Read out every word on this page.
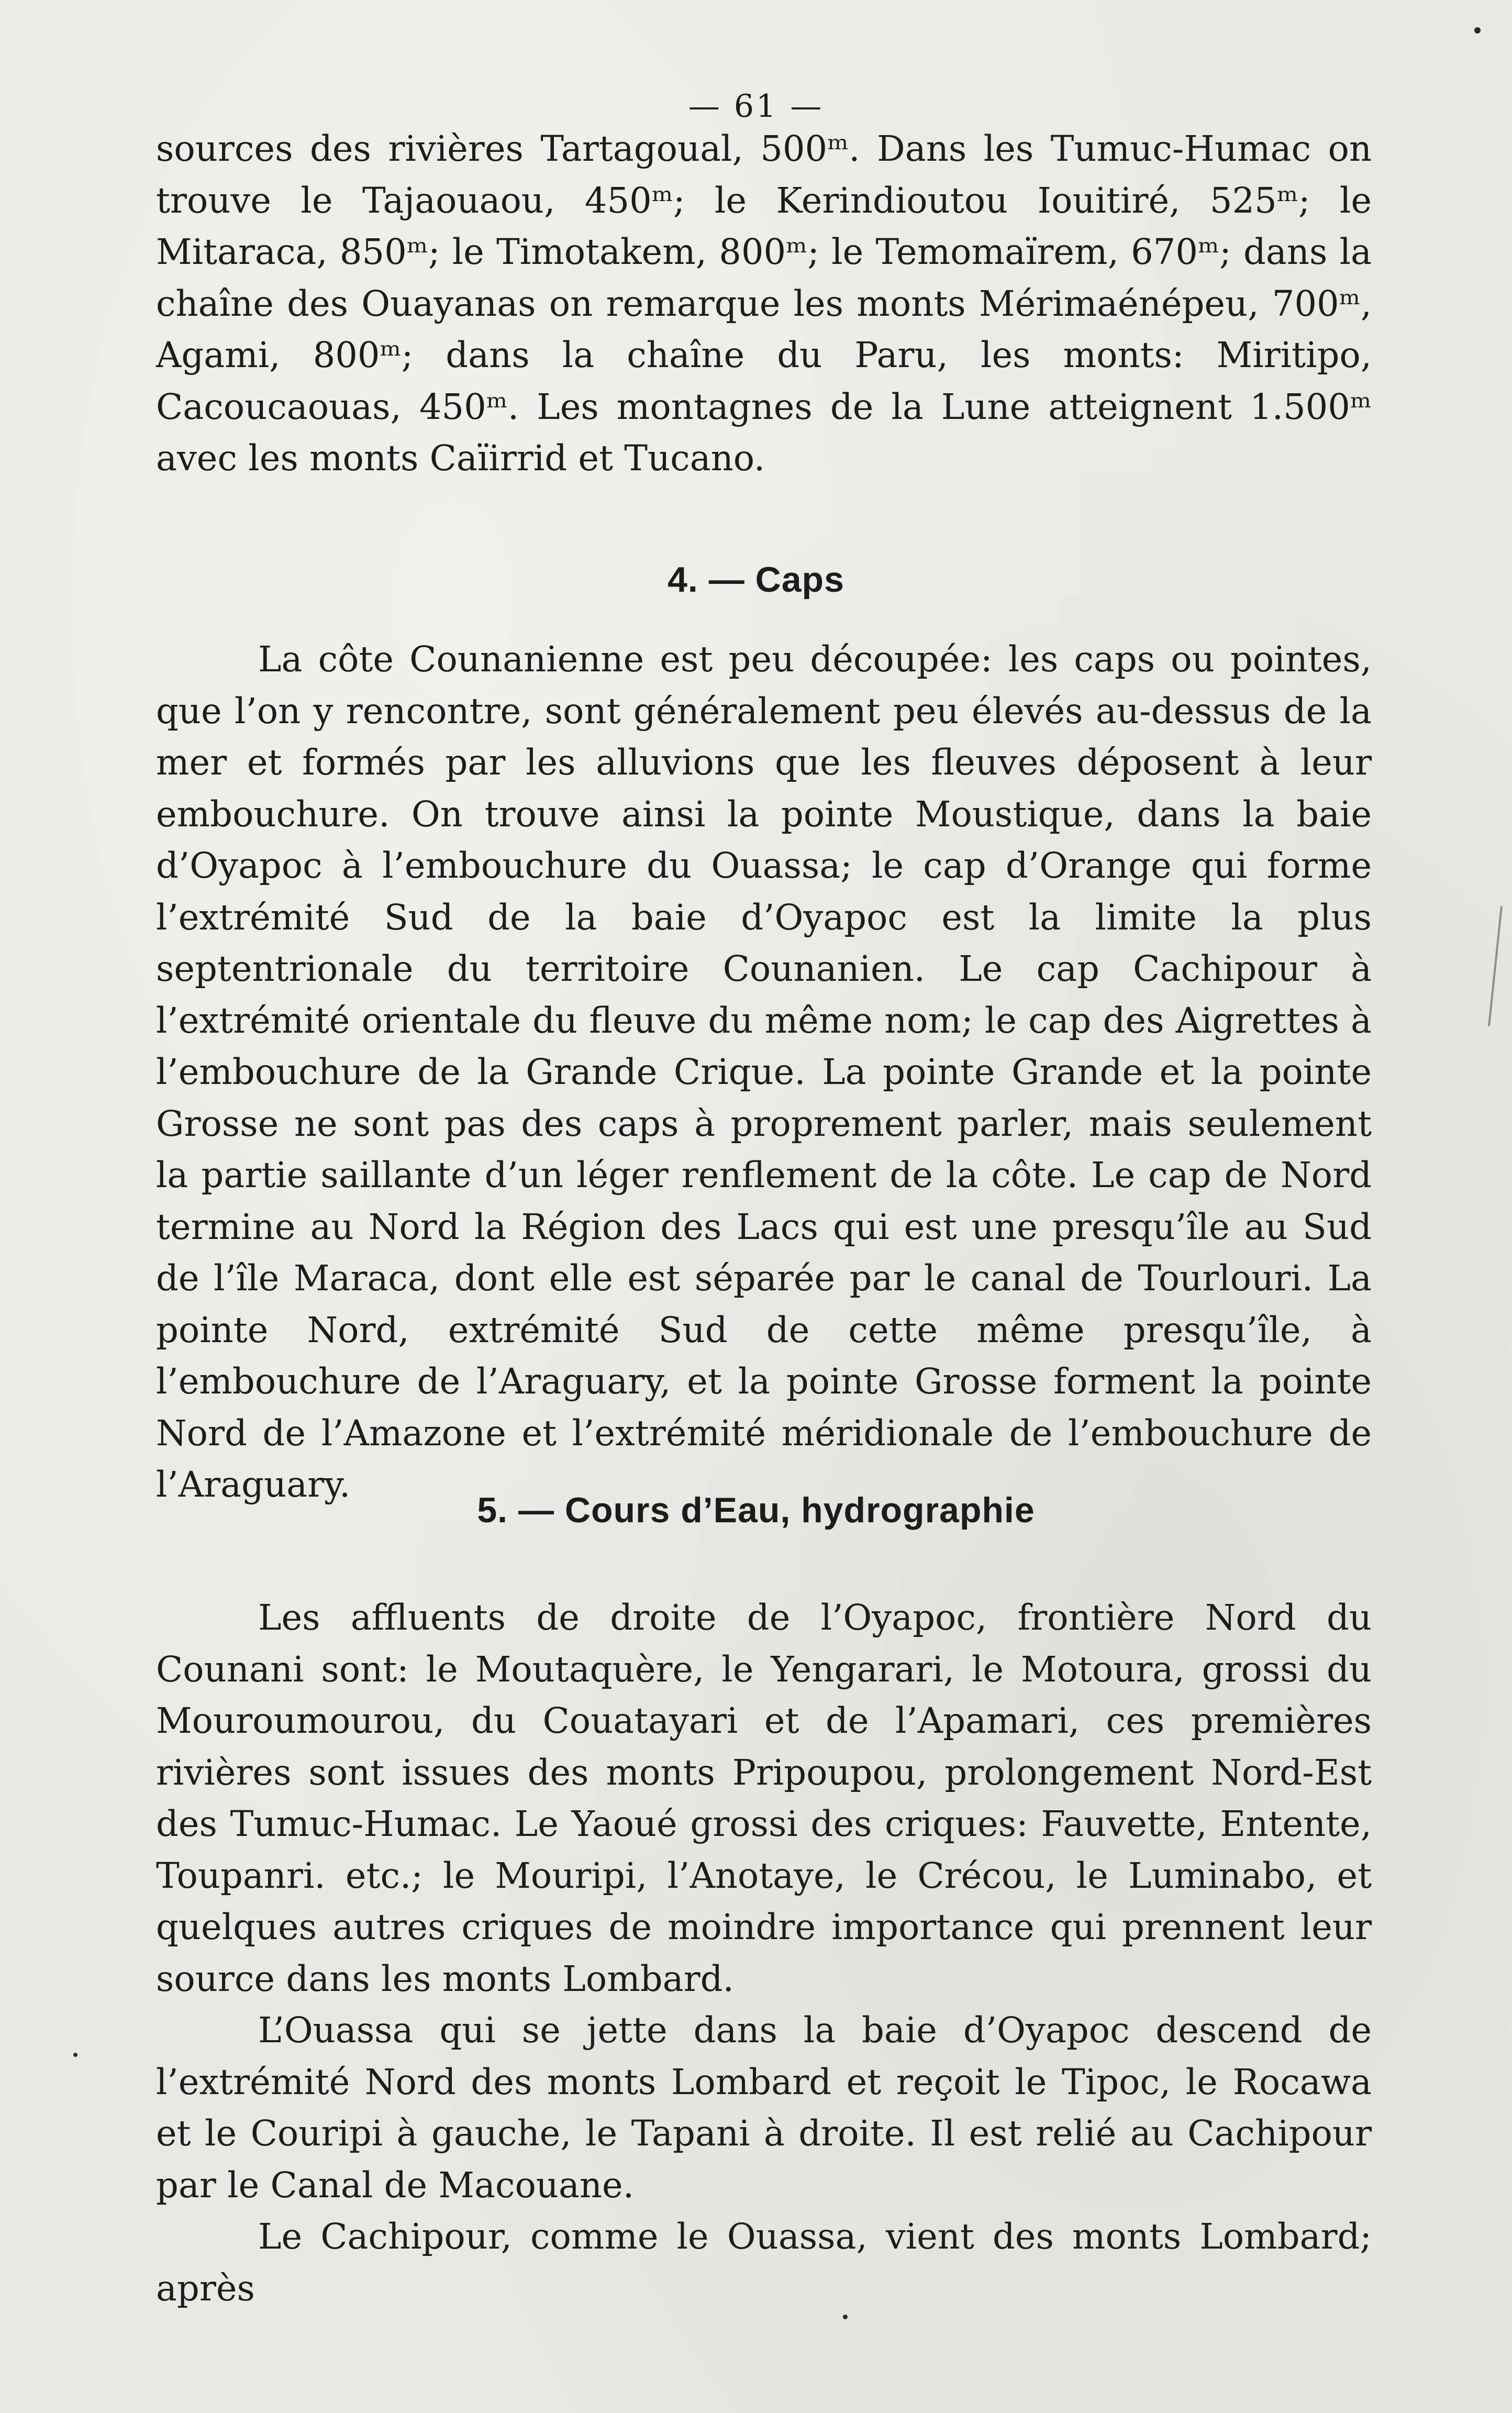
— 61 —

sources des rivières Tartagoual, 500ᵐ. Dans les Tumuc-Humac on trouve le Tajaouaou, 450ᵐ; le Kerindioutou Iouitiré, 525ᵐ; le Mitaraca, 850ᵐ; le Timotakem, 800ᵐ; le Temomaïrem, 670ᵐ; dans la chaîne des Ouayanas on remarque les monts Mérimaénépeu, 700ᵐ, Agami, 800ᵐ; dans la chaîne du Paru, les monts: Miritipo, Cacoucaouas, 450ᵐ. Les montagnes de la Lune atteignent 1.500ᵐ avec les monts Caïirrid et Tucano.

4. — Caps

La côte Counanienne est peu découpée: les caps ou pointes, que l’on y rencontre, sont généralement peu élevés au-dessus de la mer et formés par les alluvions que les fleuves déposent à leur embouchure. On trouve ainsi la pointe Moustique, dans la baie d’Oyapoc à l’embouchure du Ouassa; le cap d’Orange qui forme l’extrémité Sud de la baie d’Oyapoc est la limite la plus septentrionale du territoire Counanien. Le cap Cachipour à l’extrémité orientale du fleuve du même nom; le cap des Aigrettes à l’embouchure de la Grande Crique. La pointe Grande et la pointe Grosse ne sont pas des caps à proprement parler, mais seulement la partie saillante d’un léger renflement de la côte. Le cap de Nord termine au Nord la Région des Lacs qui est une presqu’île au Sud de l’île Maraca, dont elle est séparée par le canal de Tourlouri. La pointe Nord, extrémité Sud de cette même presqu’île, à l’embouchure de l’Araguary, et la pointe Grosse forment la pointe Nord de l’Amazone et l’extrémité méridionale de l’embouchure de l’Araguary.

5. — Cours d’Eau, hydrographie

Les affluents de droite de l’Oyapoc, frontière Nord du Counani sont: le Moutaquère, le Yengarari, le Motoura, grossi du Mouroumourou, du Couatayari et de l’Apamari, ces premières rivières sont issues des monts Pripoupou, prolongement Nord-Est des Tumuc-Humac. Le Yaoué grossi des criques: Fauvette, Entente, Toupanri. etc.; le Mouripi, l’Anotaye, le Crécou, le Luminabo, et quelques autres criques de moindre importance qui prennent leur source dans les monts Lombard.

L’Ouassa qui se jette dans la baie d’Oyapoc descend de l’extrémité Nord des monts Lombard et reçoit le Tipoc, le Rocawa et le Couripi à gauche, le Tapani à droite. Il est relié au Cachipour par le Canal de Macouane.

Le Cachipour, comme le Ouassa, vient des monts Lombard; après
